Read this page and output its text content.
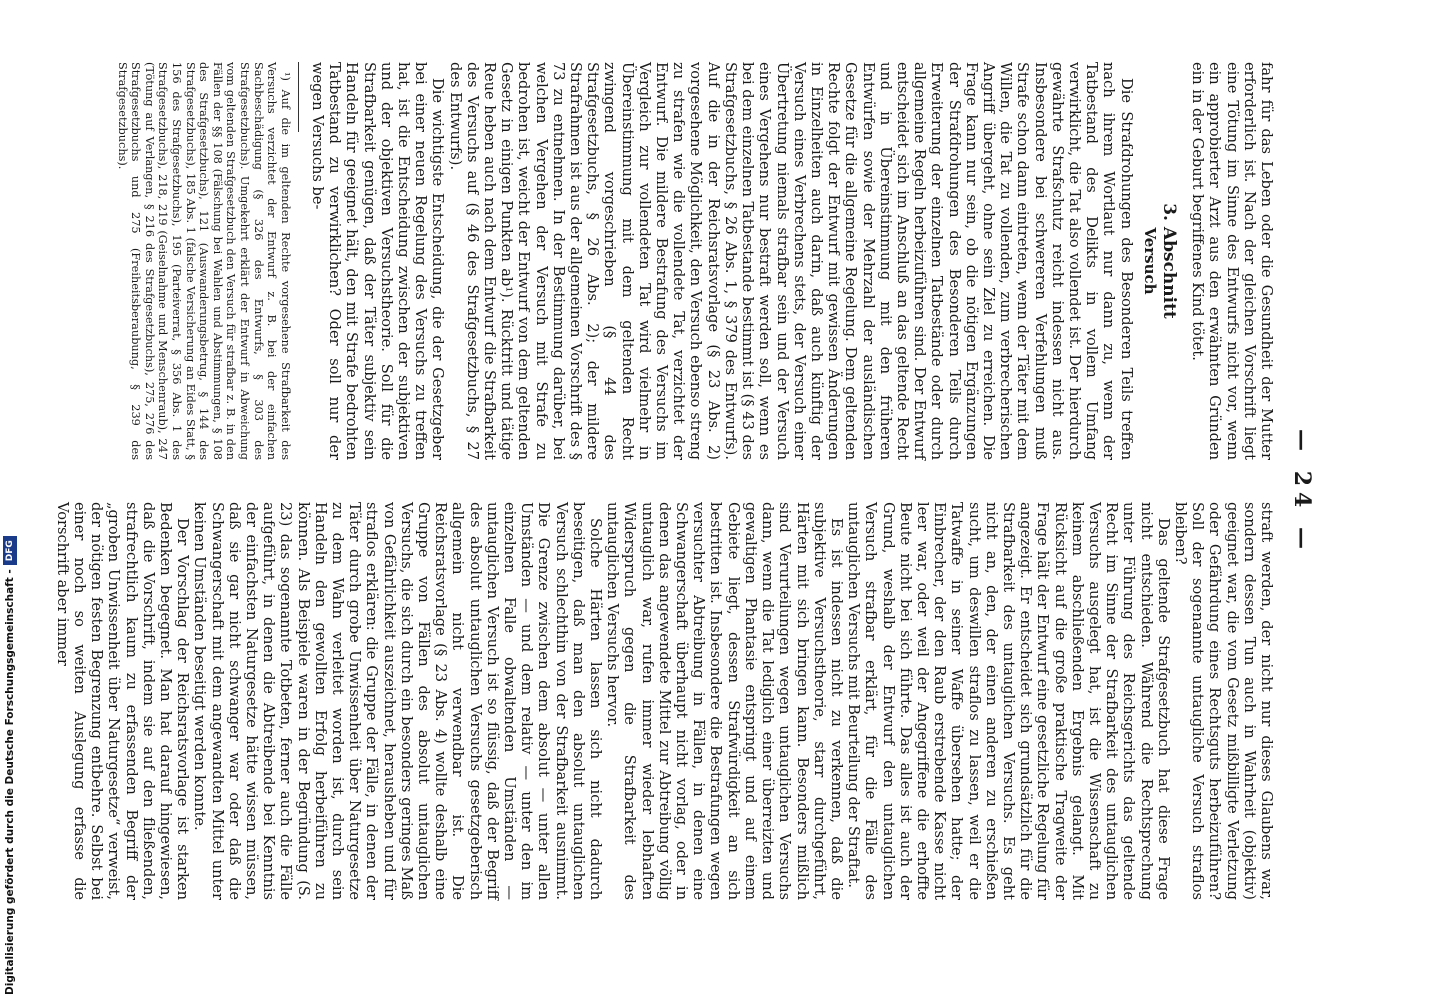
— 24 —

fahr für das Leben oder die Gesundheit der Mutter erforderlich ist. Nach der gleichen Vorschrift liegt eine Tötung im Sinne des Entwurfs nicht vor, wenn ein approbierter Arzt aus den erwähnten Gründen ein in der Geburt begriffenes Kind tötet.

3. Abschnitt
Versuch

Die Strafdrohungen des Besonderen Teils treffen nach ihrem Wortlaut nur dann zu, wenn der Tatbestand des Delikts in vollem Umfang verwirklicht, die Tat also vollendet ist. Der hierdurch gewährte Strafschutz reicht indessen nicht aus. Insbesondere bei schwereren Verfehlungen muß Strafe schon dann eintreten, wenn der Täter mit dem Willen, die Tat zu vollenden, zum verbrecherischen Angriff übergeht, ohne sein Ziel zu erreichen. Die Frage kann nur sein, ob die nötigen Ergänzungen der Strafdrohungen des Besonderen Teils durch Erweiterung der einzelnen Tatbestände oder durch allgemeine Regeln herbeizuführen sind. Der Entwurf entscheidet sich im Anschluß an das geltende Recht und in Übereinstimmung mit den früheren Entwürfen sowie der Mehrzahl der ausländischen Gesetze für die allgemeine Regelung. Dem geltenden Rechte folgt der Entwurf mit gewissen Änderungen in Einzelheiten auch darin, daß auch künftig der Versuch eines Verbrechens stets, der Versuch einer Übertretung niemals strafbar sein und der Versuch eines Vergehens nur bestraft werden soll, wenn es bei dem einzelnen Tatbestande bestimmt ist (§ 43 des Strafgesetzbuchs, § 26 Abs. 1, § 379 des Entwurfs). Auf die in der Reichsratsvorlage (§ 23 Abs. 2) vorgesehene Möglichkeit, den Versuch ebenso streng zu strafen wie die vollendete Tat, verzichtet der Entwurf. Die mildere Bestrafung des Versuchs im Vergleich zur vollendeten Tat wird vielmehr in Übereinstimmung mit dem geltenden Recht zwingend vorgeschrieben (§ 44 des Strafgesetzbuchs, § 26 Abs. 2); der mildere Strafrahmen ist aus der allgemeinen Vorschrift des § 73 zu entnehmen. In der Bestimmung darüber, bei welchen Vergehen der Versuch mit Strafe zu bedrohen ist, weicht der Entwurf von dem geltenden Gesetz in einigen Punkten ab¹). Rücktritt und tätige Reue heben auch nach dem Entwurf die Strafbarkeit des Versuchs auf (§ 46 des Strafgesetzbuchs, § 27 des Entwurfs).

Die wichtigste Entscheidung, die der Gesetzgeber bei einer neuen Regelung des Versuchs zu treffen hat, ist die Entscheidung zwischen der subjektiven und der objektiven Versuchstheorie. Soll für die Strafbarkeit genügen, daß der Täter subjektiv sein Handeln für geeignet hält, den mit Strafe bedrohten Tatbestand zu verwirklichen? Oder soll nur der wegen Versuchs be-

¹) Auf die im geltenden Rechte vorgesehene Strafbarkeit des Versuchs verzichtet der Entwurf z. B. bei der einfachen Sachbeschädigung (§ 326 des Entwurfs, § 303 des Strafgesetzbuchs). Umgekehrt erklärt der Entwurf in Abweichung vom geltenden Strafgesetzbuch den Versuch für strafbar z. B. in den Fällen der §§ 108 (Fälschung bei Wahlen und Abstimmungen, § 108 des Strafgesetzbuchs), 121 (Auswanderungsbetrug, § 144 des Strafgesetzbuchs), 185 Abs. 1 (falsche Versicherung an Eides Statt, § 156 des Strafgesetzbuchs), 195 (Parteiverrat, § 356 Abs. 1 des Strafgesetzbuchs), 218, 219 (Geiselnahme und Menschenraub), 247 (Tötung auf Verlangen, § 216 des Strafgesetzbuchs), 275, 276 des Strafgesetzbuchs und 275 (Freiheitsberaubung, § 239 des Strafgesetzbuchs).

straft werden, der nicht nur dieses Glaubens war, sondern dessen Tun auch in Wahrheit (objektiv) geeignet war, die vom Gesetz mißbilligte Verletzung oder Gefährdung eines Rechtsguts herbeizuführen? Soll der sogenannte untaugliche Versuch straflos bleiben?

Das geltende Strafgesetzbuch hat diese Frage nicht entschieden. Während die Rechtsprechung unter Führung des Reichsgerichts das geltende Recht im Sinne der Strafbarkeit des untauglichen Versuchs ausgelegt hat, ist die Wissenschaft zu keinem abschließenden Ergebnis gelangt. Mit Rücksicht auf die große praktische Tragweite der Frage hält der Entwurf eine gesetzliche Regelung für angezeigt. Er entscheidet sich grundsätzlich für die Strafbarkeit des untauglichen Versuchs. Es geht nicht an, den, der einen anderen zu erschießen sucht, um deswillen straflos zu lassen, weil er die Tatwaffe in seiner Waffe übersehen hatte; der Einbrecher, der den Raub erstrebende Kasse nicht leer war, oder weil der Angegriffene die erhoffte Beute nicht bei sich führte. Das alles ist auch der Grund, weshalb der Entwurf den untauglichen Versuch strafbar erklärt, für die Fälle des untauglichen Versuchs mit Beurteilung der Straftat.

Es ist indessen nicht zu verkennen, daß die subjektive Versuchstheorie, starr durchgeführt, Härten mit sich bringen kann. Besonders mißlich sind Verurteilungen wegen untauglichen Versuchs dann, wenn die Tat lediglich einer überreizten und gewaltigen Phantasie entspringt und auf einem Gebiete liegt, dessen Strafwürdigkeit an sich bestritten ist. Insbesondere die Bestrafungen wegen versuchter Abtreibung in Fällen, in denen eine Schwangerschaft überhaupt nicht vorlag, oder in denen das angewendete Mittel zur Abtreibung völlig untauglich war, rufen immer wieder lebhaften Widerspruch gegen die Strafbarkeit des untauglichen Versuchs hervor.

Solche Härten lassen sich nicht dadurch beseitigen, daß man den absolut untauglichen Versuch schlechthin von der Strafbarkeit ausnimmt. Die Grenze zwischen dem absolut — unter allen Umständen — und dem relativ — unter den im einzelnen Falle obwaltenden Umständen — untauglichen Versuch ist so flüssig, daß der Begriff des absolut untauglichen Versuchs gesetzgeberisch allgemein nicht verwendbar ist. Die Reichsratsvorlage (§ 23 Abs. 4) wollte deshalb eine Gruppe von Fällen des absolut untauglichen Versuchs, die sich durch ein besonders geringes Maß von Gefährlichkeit auszeichnet, herausheben und für straflos erklären: die Gruppe der Fälle, in denen der Täter durch grobe Unwissenheit über Naturgesetze zu dem Wahn verleitet worden ist, durch sein Handeln den gewollten Erfolg herbeiführen zu können. Als Beispiele waren in der Begründung (S. 23) das sogenannte Totbeten, ferner auch die Fälle aufgeführt, in denen die Abtreibende bei Kenntnis der einfachsten Naturgesetze hätte wissen müssen, daß sie gar nicht schwanger war oder daß die Schwangerschaft mit dem angewandten Mittel unter keinen Umständen beseitigt werden konnte.

Der Vorschlag der Reichsratsvorlage ist starken Bedenken begegnet. Man hat darauf hingewiesen, daß die Vorschrift, indem sie auf den fließenden, strafrechtlich kaum zu erfassenden Begriff der „groben Unwissenheit über Naturgesetze“ verweist, der nötigen festen Begrenzung entbehre. Selbst bei einer noch so weiten Auslegung erfasse die Vorschrift aber immer

Digitalisierung gefördert durch die Deutsche Forschungsgemeinschaft -
DFG
